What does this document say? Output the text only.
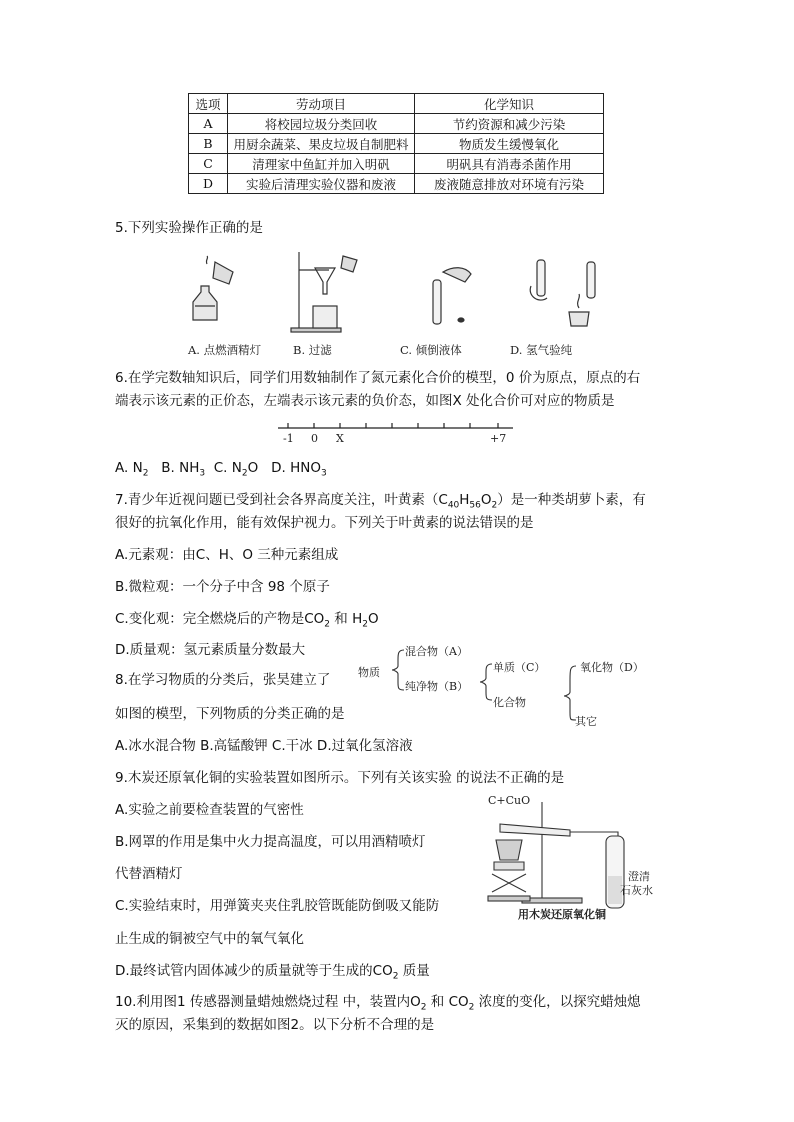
选项	劳动项目	化学知识
A	将校园垃圾分类回收	节约资源和减少污染
B	用厨余蔬菜、果皮垃圾自制肥料	物质发生缓慢氧化
C	清理家中鱼缸并加入明矾	明矾具有消毒杀菌作用
D	实验后清理实验仪器和废液	废液随意排放对环境有污染
5.下列实验操作正确的是
A. 点燃酒精灯	B. 过滤	C. 倾倒液体	D. 氢气验纯
6.在学完数轴知识后，同学们用数轴制作了氮元素化合价的模型，0 价为原点，原点的右
端表示该元素的正价态，左端表示该元素的负价态，如图X 处化合价可对应的物质是
-1 0 X	+7
A. $N_2$ B. $NH_3$ C. $N_2O$ D. $HNO_3$
7.青少年近视问题已受到社会各界高度关注，叶黄素$(C_{40}H_{56}O_2)$是一种类胡萝卜素，有
很好的抗氧化作用，能有效保护视力。下列关于叶黄素的说法错误的是
A.元素观：由C、H、O 三种元素组成
B.微粒观：一个分子中含 98 个原子
C.变化观：完全燃烧后的产物是$CO_2$ 和 $H_2O$
D.质量观：氢元素质量分数最大
8.在学习物质的分类后，张昊建立了
如图的模型，下列物质的分类正确的是
A.冰水混合物 B.高锰酸钾 C.干冰 D.过氧化氢溶液
物质
混合物（A）
纯净物（B）
单质（C）
化合物
氧化物（D）
其它
9.木炭还原氧化铜的实验装置如图所示。下列有关该实验 的说法不正确的是
A.实验之前要检查装置的气密性
B.网罩的作用是集中火力提高温度，可以用酒精喷灯
代替酒精灯
C.实验结束时，用弹簧夹夹住乳胶管既能防倒吸又能防
止生成的铜被空气中的氧气氧化
D.最终试管内固体减少的质量就等于生成的$CO_2$ 质量
C+CuO
澄清
石灰水
用木炭还原氧化铜
10.利用图1 传感器测量蜡烛燃烧过程 中，装置内$O_2$ 和 $CO_2$ 浓度的变化，以探究蜡烛熄
灭的原因，采集到的数据如图2。以下分析不合理的是
